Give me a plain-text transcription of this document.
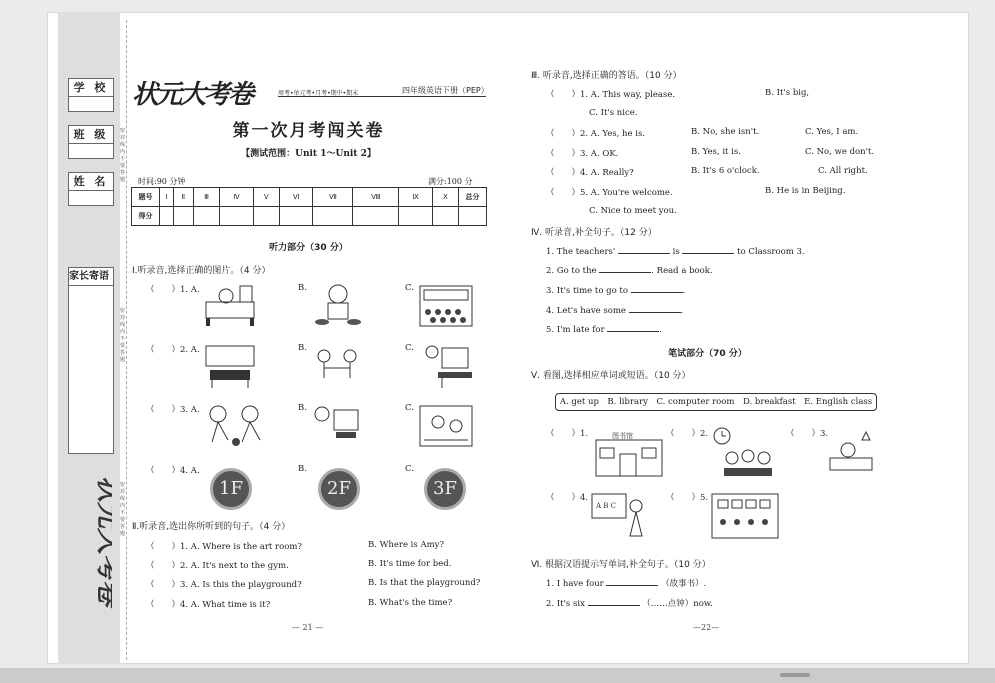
学 校
班 级
姓 名
家长寄语
密封线内不要答题
密封线内不要答题
密封线内不要答题
状元大考卷
状元大考卷	周考•单元考•月考•期中•期末	四年级英语下册（PEP）
第一次月考闯关卷
【测试范围：Unit 1～Unit 2】
时间:90 分钟	满分:100 分
题号	Ⅰ	Ⅱ	Ⅲ	Ⅳ	Ⅴ	Ⅵ	Ⅶ	Ⅷ	Ⅸ	Ⅹ	总分
得分											
听力部分（30 分）
Ⅰ.听录音,选择正确的图片。（4 分）
（　　）1. A.	B.	C.
（　　）2. A.	B.	C.
（　　）3. A.	B.	C.
（　　）4. A.	B.	C.
1F	2F	3F
Ⅱ.听录音,选出你所听到的句子。（4 分）
（　　）1. A. Where is the art room?	B. Where is Amy?
（　　）2. A. It's next to the gym.	B. It's time for bed.
（　　）3. A. Is this the playground?	B. Is that the playground?
（　　）4. A. What time is it?	B. What's the time?
— 21 —
Ⅲ. 听录音,选择正确的答语。（10 分）
（　　）1. A. This way, please.	B. It's big,
C. It's nice.
（　　）2. A. Yes, he is.	B. No, she isn't.	C. Yes, I am.
（　　）3. A. OK.	B. Yes, it is.	C. No, we don't.
（　　）4. A. Really?	B. It's 6 o'clock.	C. All right.
（　　）5. A. You're welcome.	B. He is in Beijing.
C. Nice to meet you.
Ⅳ. 听录音,补全句子。（12 分）
1. The teachers'	is	to Classroom 3.
2. Go to the	. Read a book.
3. It's time to go to	.
4. Let's have some	.
5. I'm late for	.
笔试部分（70 分）
Ⅴ. 看图,选择相应单词或短语。（10 分）
A. get up　B. library　C. computer room　D. breakfast　E. English class
（　　）1.	（　　）2.	（　　）3.
图书馆
（　　）4.	（　　）5.
A B C
Ⅵ. 根据汉语提示写单词,补全句子。（10 分）
1. I have four	（故事书）.
2. It's six	（……点钟）now.
—22—
